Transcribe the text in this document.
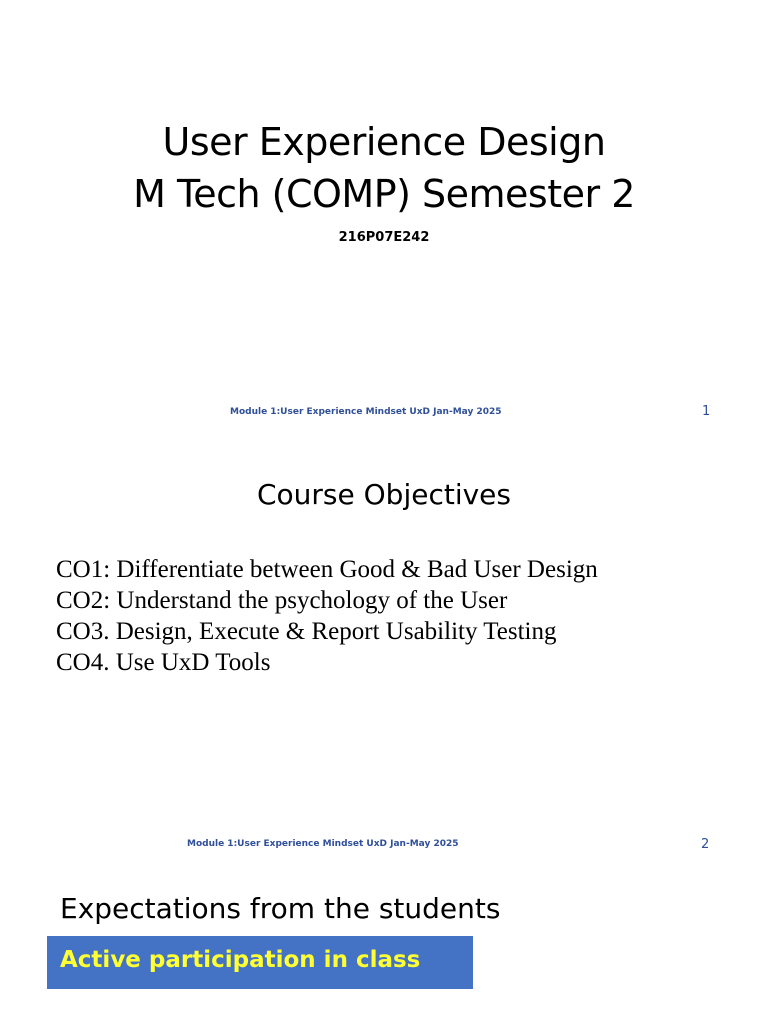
User Experience Design
M Tech (COMP) Semester 2
216P07E242
Module 1:User Experience Mindset UxD Jan-May 2025	1
Course Objectives
CO1: Differentiate between Good & Bad User Design
CO2: Understand the psychology of the User
CO3. Design, Execute & Report Usability Testing
CO4. Use UxD Tools
Module 1:User Experience Mindset UxD Jan-May 2025	2
Expectations from the students
Active participation in class
